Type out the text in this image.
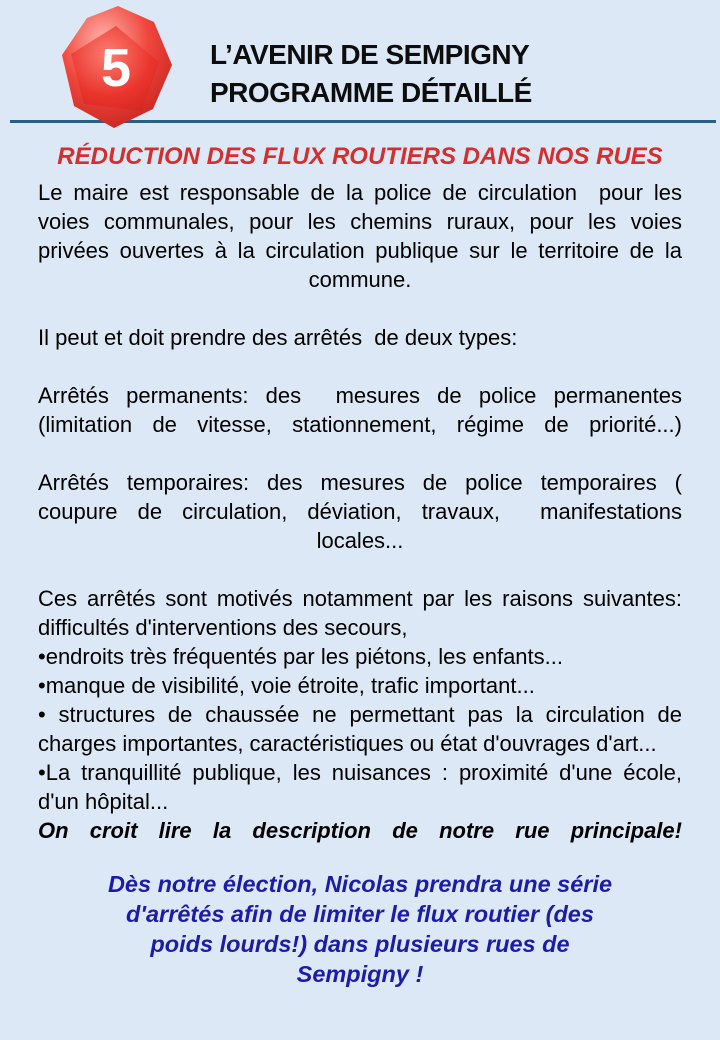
5	L’AVENIR DE SEMPIGNY
PROGRAMME DÉTAILLÉ
RÉDUCTION DES FLUX ROUTIERS DANS NOS RUES

Le maire est responsable de la police de circulation  pour les voies communales, pour les chemins ruraux, pour les voies privées ouvertes à la circulation publique sur le territoire de la commune.

Il peut et doit prendre des arrêtés  de deux types:

Arrêtés permanents: des  mesures de police permanentes (limitation de vitesse, stationnement, régime de priorité...)

Arrêtés temporaires: des mesures de police temporaires ( coupure de circulation, déviation, travaux,  manifestations locales...

Ces arrêtés sont motivés notamment par les raisons suivantes: difficultés d'interventions des secours,

•endroits très fréquentés par les piétons, les enfants...

•manque de visibilité, voie étroite, trafic important...

• structures de chaussée ne permettant pas la circulation de charges importantes, caractéristiques ou état d'ouvrages d'art...

•La tranquillité publique, les nuisances : proximité d'une école, d'un hôpital...

On croit lire la description de notre rue principale!

Dès notre élection, Nicolas prendra une série d'arrêtés afin de limiter le flux routier (des poids lourds!) dans plusieurs rues de Sempigny !
